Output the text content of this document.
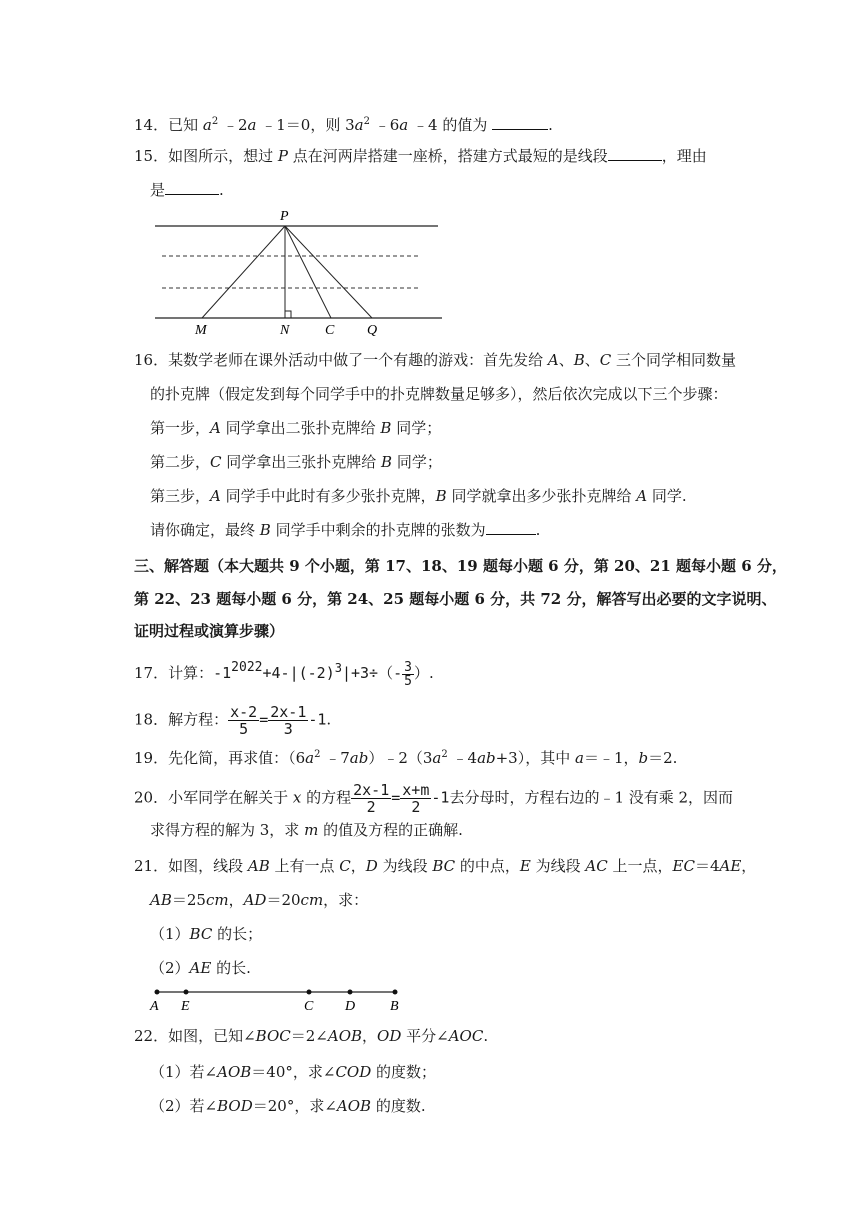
14．已知 $a^2$ ﹣2a ﹣1＝0，则 $3a^2$ ﹣6a ﹣4 的值为	.
15．如图所示，想过 P 点在河两岸搭建一座桥，搭建方式最短的是线段	，理由
是	.
P
M	N	C Q
16．某数学老师在课外活动中做了一个有趣的游戏：首先发给 A、B、C 三个同学相同数量
的扑克牌（假定发到每个同学手中的扑克牌数量足够多），然后依次完成以下三个步骤：
第一步，A 同学拿出二张扑克牌给 B 同学；
第二步，C 同学拿出三张扑克牌给 B 同学；
第三步，A 同学手中此时有多少张扑克牌，B 同学就拿出多少张扑克牌给 A 同学.
请你确定，最终 B 同学手中剩余的扑克牌的张数为	.
三、解答题（本大题共 9 个小题，第 17、18、19 题每小题 6 分，第 20、21 题每小题 6 分，
第 22、23 题每小题 6 分，第 24、25 题每小题 6 分，共 72 分，解答写出必要的文字说明、
证明过程或演算步骤）
17．计算：$-1^{2022}+4-|(-2)^3|+3\div(- \frac{3}{5}$ ）.
18．解方程： $\frac{x-2}{5} = \frac{2x-1}{3} -1$.
19．先化简，再求值：（$6a^2$ $﹣7ab)﹣2(3a^2$ ﹣4ab+3），其中 a＝﹣1，b＝2.
20．小军同学在解关于 x 的方程 $\frac{2x-1}{2} = \frac{x+m}{2} -1$去分母时，方程右边的﹣1 没有乘 2，因而
求得方程的解为 3，求 m 的值及方程的正确解.
21．如图，线段 AB 上有一点 C，D 为线段 BC 的中点，E 为线段 AC 上一点，EC＝4AE，
AB＝25cm，AD＝20cm，求：
（1）BC 的长；
（2）AE 的长.
A E	C D B
22．如图，已知∠BOC＝2∠AOB，OD 平分∠AOC.
（1）若∠AOB＝40°，求∠COD 的度数；
（2）若∠BOD＝20°，求∠AOB 的度数.
